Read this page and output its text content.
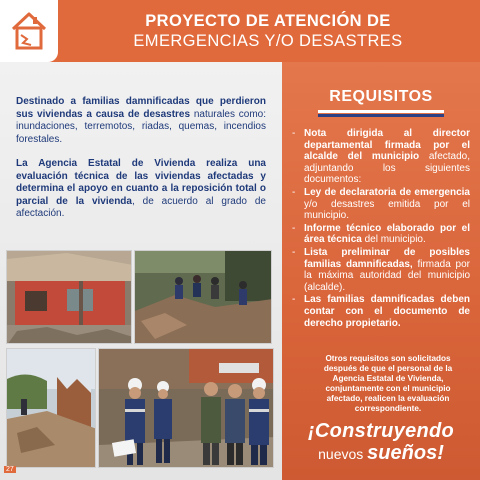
PROYECTO DE ATENCIÓN DE
EMERGENCIAS Y/O DESASTRES

Destinado a familias damnificadas que perdieron sus viviendas a causa de desastres naturales como: inundaciones, terremotos, riadas, quemas, incendios forestales.

La Agencia Estatal de Vivienda realiza una evaluación técnica de las viviendas afectadas y determina el apoyo en cuanto a la reposición total o parcial de la vivienda, de acuerdo al grado de afectación.

27
REQUISITOS
- Nota dirigida al director departamental firmada por el alcalde del municipio afectado, adjuntando los siguientes documentos:
- Ley de declaratoria de emergencia y/o desastres emitida por el municipio.
- Informe técnico elaborado por el área técnica del municipio.
- Lista preliminar de posibles familias damnificadas, firmada por la máxima autoridad del municipio (alcalde).
- Las familias damnificadas deben contar con el documento de derecho propietario.

Otros requisitos son solicitados después de que el personal de la Agencia Estatal de Vivienda, conjuntamente con el municipio afectado, realicen la evaluación correspondiente.

¡Construyendo
nuevos sueños!
